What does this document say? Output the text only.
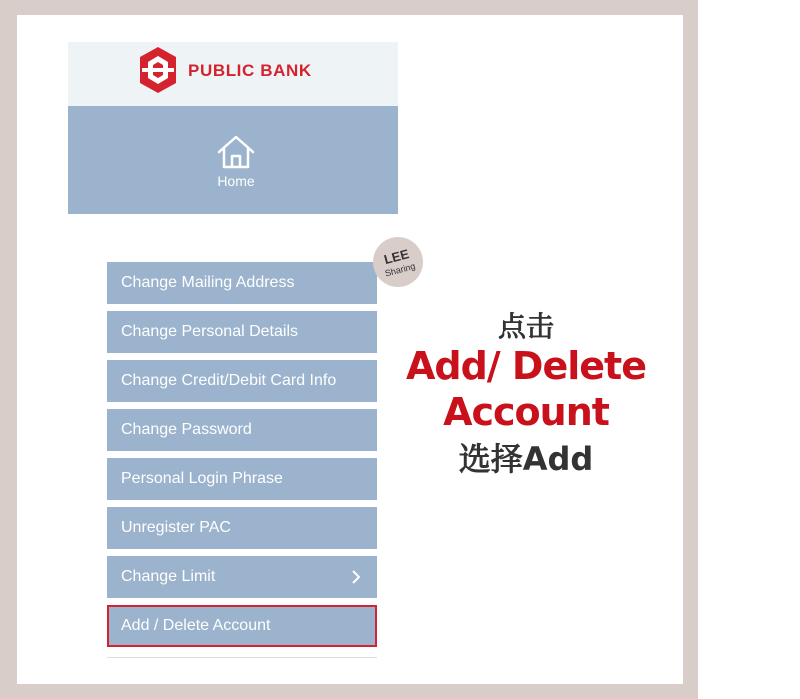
PUBLIC BANK
Home
Change Mailing Address
Change Personal Details
Change Credit/Debit Card Info
Change Password
Personal Login Phrase
Unregister PAC
Change Limit
Add / Delete Account
LEE
Sharing
点击
Add/ Delete
Account
选择Add
